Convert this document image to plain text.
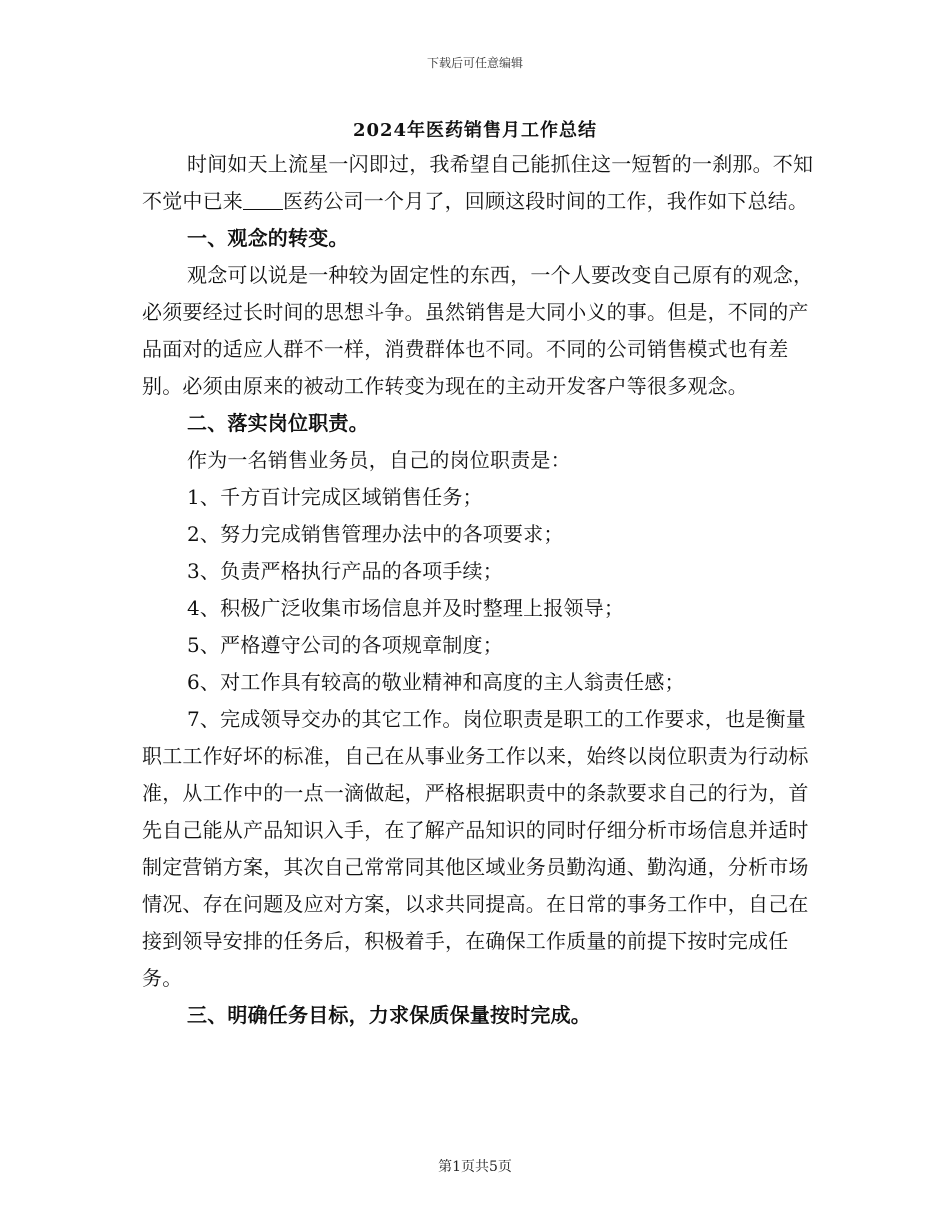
下载后可任意编辑
2024年医药销售月工作总结

时间如天上流星一闪即过，我希望自己能抓住这一短暂的一刹那。不知不觉中已来 医药公司一个月了，回顾这段时间的工作，我作如下总结。

一、观念的转变。

观念可以说是一种较为固定性的东西，一个人要改变自己原有的观念，必须要经过长时间的思想斗争。虽然销售是大同小义的事。但是，不同的产品面对的适应人群不一样，消费群体也不同。不同的公司销售模式也有差别。必须由原来的被动工作转变为现在的主动开发客户等很多观念。

二、落实岗位职责。

作为一名销售业务员，自己的岗位职责是：

1、千方百计完成区域销售任务；

2、努力完成销售管理办法中的各项要求；

3、负责严格执行产品的各项手续；

4、积极广泛收集市场信息并及时整理上报领导；

5、严格遵守公司的各项规章制度；

6、对工作具有较高的敬业精神和高度的主人翁责任感；

7、完成领导交办的其它工作。岗位职责是职工的工作要求，也是衡量职工工作好坏的标准，自己在从事业务工作以来，始终以岗位职责为行动标准，从工作中的一点一滴做起，严格根据职责中的条款要求自己的行为，首先自己能从产品知识入手，在了解产品知识的同时仔细分析市场信息并适时制定营销方案，其次自己常常同其他区域业务员勤沟通、勤沟通，分析市场情况、存在问题及应对方案，以求共同提高。在日常的事务工作中，自己在接到领导安排的任务后，积极着手，在确保工作质量的前提下按时完成任务。

三、明确任务目标，力求保质保量按时完成。

第1页共5页
